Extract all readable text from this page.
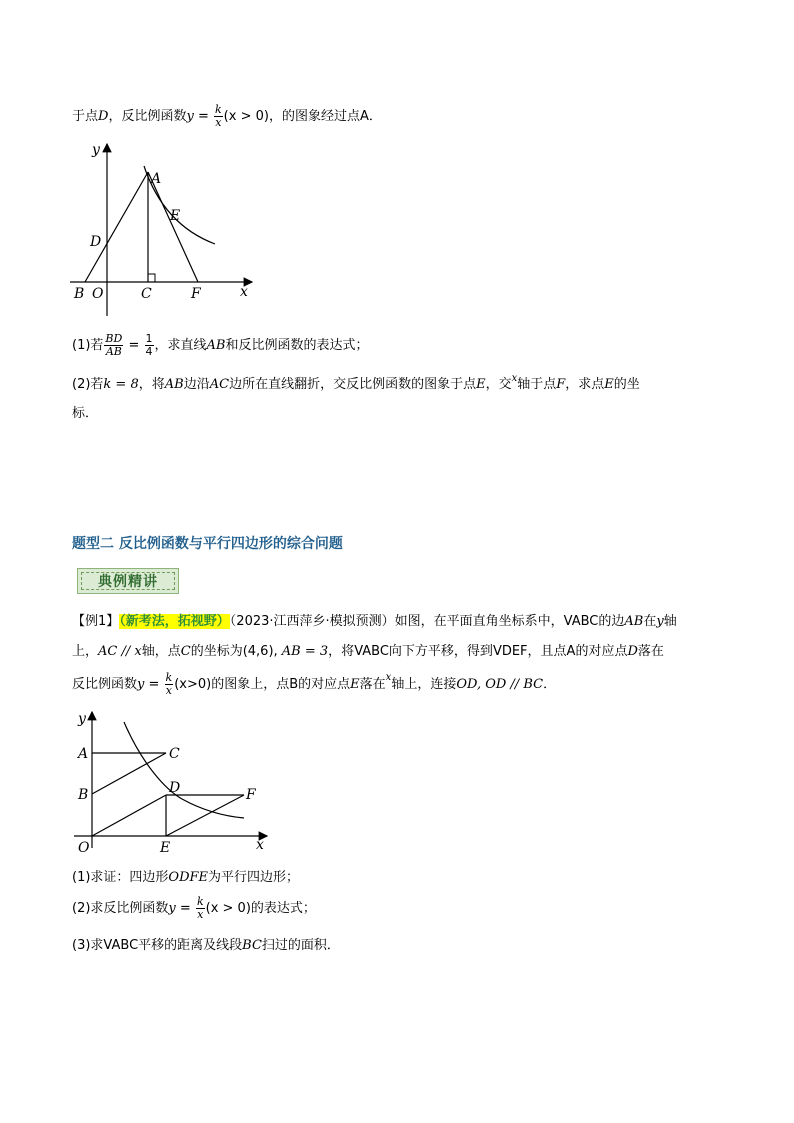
于点D，反比例函数$y = \frac{k}{x} (x > 0)$，的图象经过点A．
y
x
A
E
D
B O	C	F
(1)若 $\frac{BD}{AB} = \frac{1}{4}$ ，求直线AB和反比例函数的表达式；
(2)若k = 8，将AB边沿AC边所在直线翻折，交反比例函数的图象于点E，交$^x$轴于点F，求点E的坐
标．
题型二 反比例函数与平行四边形的综合问题
典例精讲
【例1】（新考法，拓视野）（2023·江西萍乡·模拟预测）如图，在平面直角坐标系中，VABC的边AB在y轴
上，AC // x轴，点C的坐标为(4,6), AB = 3，将VABC向下方平移，得到VDEF，且点A的对应点D落在
反比例函数$y = \frac{k}{x} (x>0)$的图象上，点B的对应点E落在$^x$轴上，连接OD, OD // BC．
y
x
A	C
B	D	F
O	E
(1)求证：四边形ODFE为平行四边形；
(2)求反比例函数$y = \frac{k}{x} (x > 0)$的表达式；
(3)求VABC平移的距离及线段BC扫过的面积．
